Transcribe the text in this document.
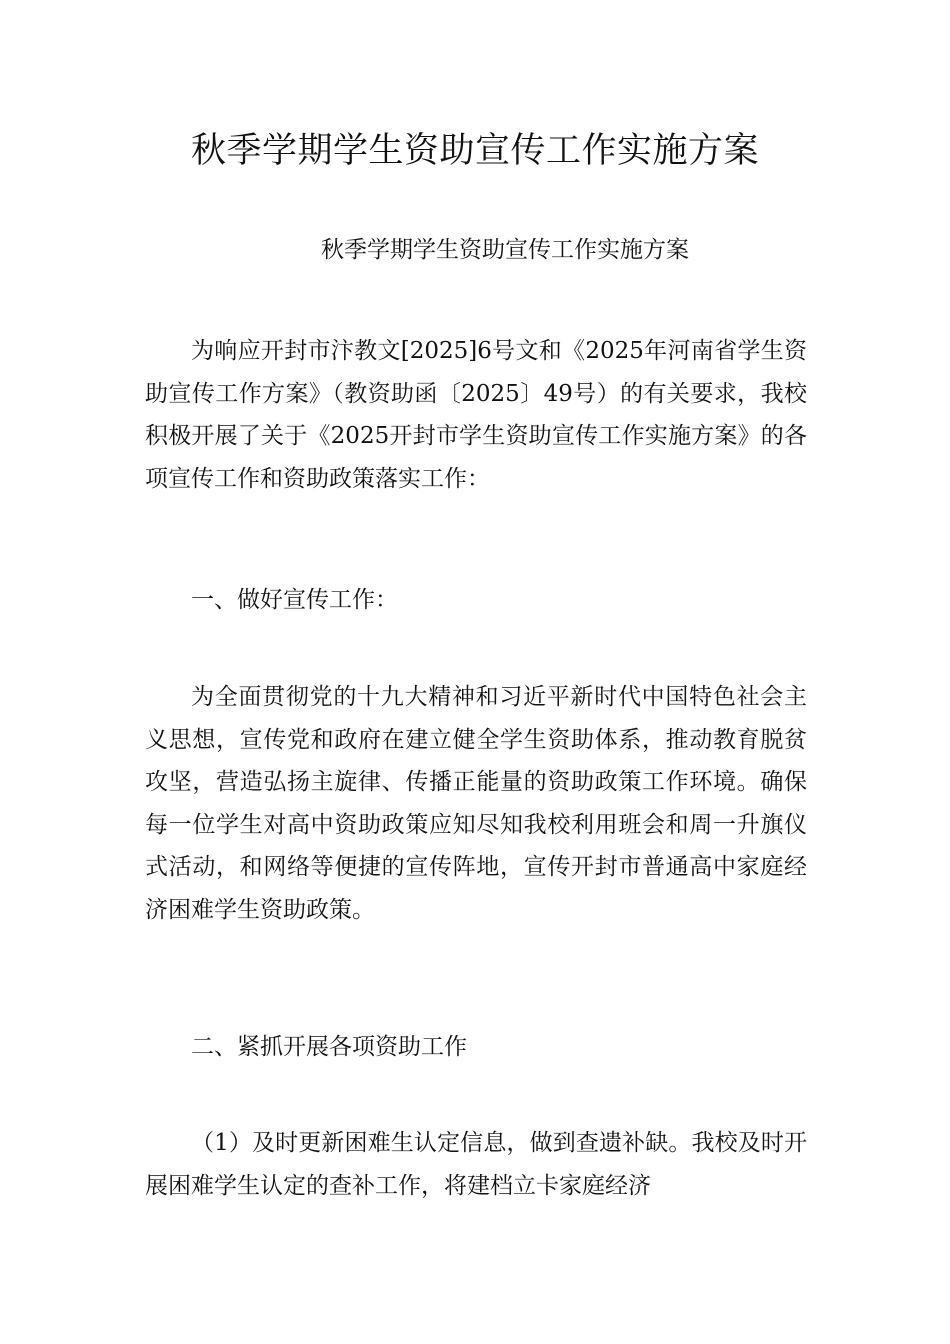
秋季学期学生资助宣传工作实施方案

秋季学期学生资助宣传工作实施方案

为响应开封市汴教文[2025]6号文和《2025年河南省学生资助宣传工作方案》（教资助函〔2025〕49号）的有关要求，我校积极开展了关于《2025开封市学生资助宣传工作实施方案》的各项宣传工作和资助政策落实工作：

一、做好宣传工作：

为全面贯彻党的十九大精神和习近平新时代中国特色社会主义思想，宣传党和政府在建立健全学生资助体系，推动教育脱贫攻坚，营造弘扬主旋律、传播正能量的资助政策工作环境。确保每一位学生对高中资助政策应知尽知我校利用班会和周一升旗仪式活动，和网络等便捷的宣传阵地，宣传开封市普通高中家庭经济困难学生资助政策。

二、紧抓开展各项资助工作

（1）及时更新困难生认定信息，做到查遗补缺。我校及时开展困难学生认定的查补工作，将建档立卡家庭经济
